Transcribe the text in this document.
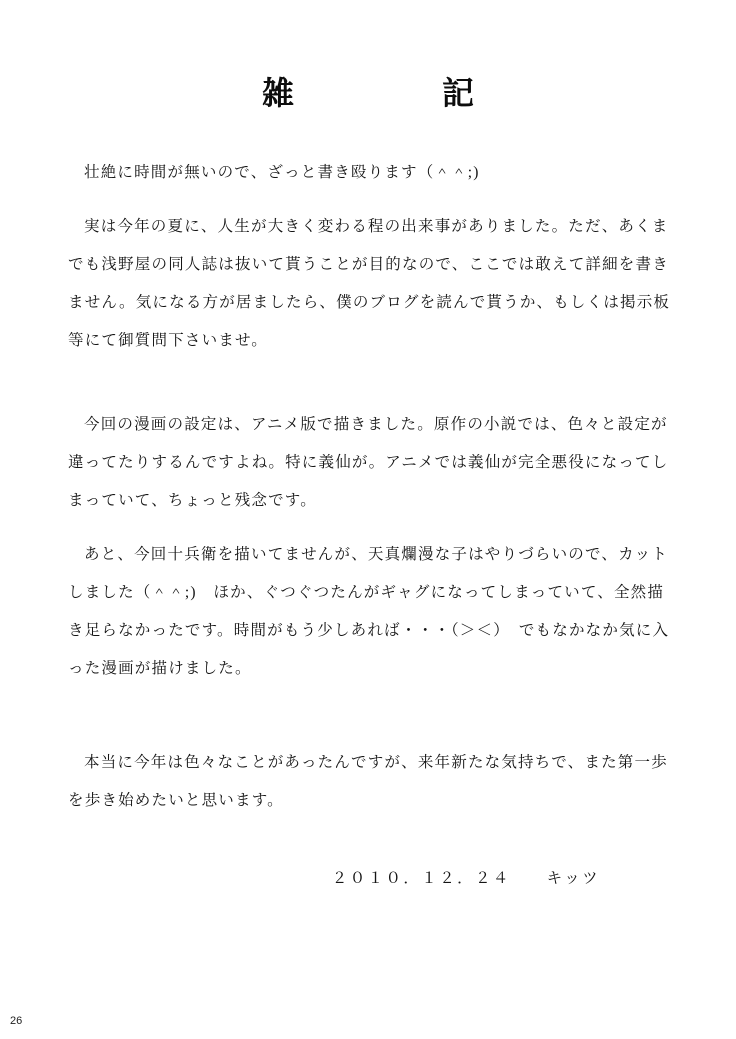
雑　　記

壮絶に時間が無いので、ざっと書き殴ります（＾＾;)

実は今年の夏に、人生が大きく変わる程の出来事がありました。ただ、あくまでも浅野屋の同人誌は抜いて貰うことが目的なので、ここでは敢えて詳細を書きません。気になる方が居ましたら、僕のブログを読んで貰うか、もしくは掲示板等にて御質問下さいませ。

今回の漫画の設定は、アニメ版で描きました。原作の小説では、色々と設定が違ってたりするんですよね。特に義仙が。アニメでは義仙が完全悪役になってしまっていて、ちょっと残念です。

あと、今回十兵衛を描いてませんが、天真爛漫な子はやりづらいので、カットしました（＾＾;)　ほか、ぐつぐつたんがギャグになってしまっていて、全然描き足らなかったです。時間がもう少しあれば・・・（＞＜）　でもなかなか気に入った漫画が描けました。

本当に今年は色々なことがあったんですが、来年新たな気持ちで、また第一歩を歩き始めたいと思います。

２０１０．１２．２４　　キッツ
26
